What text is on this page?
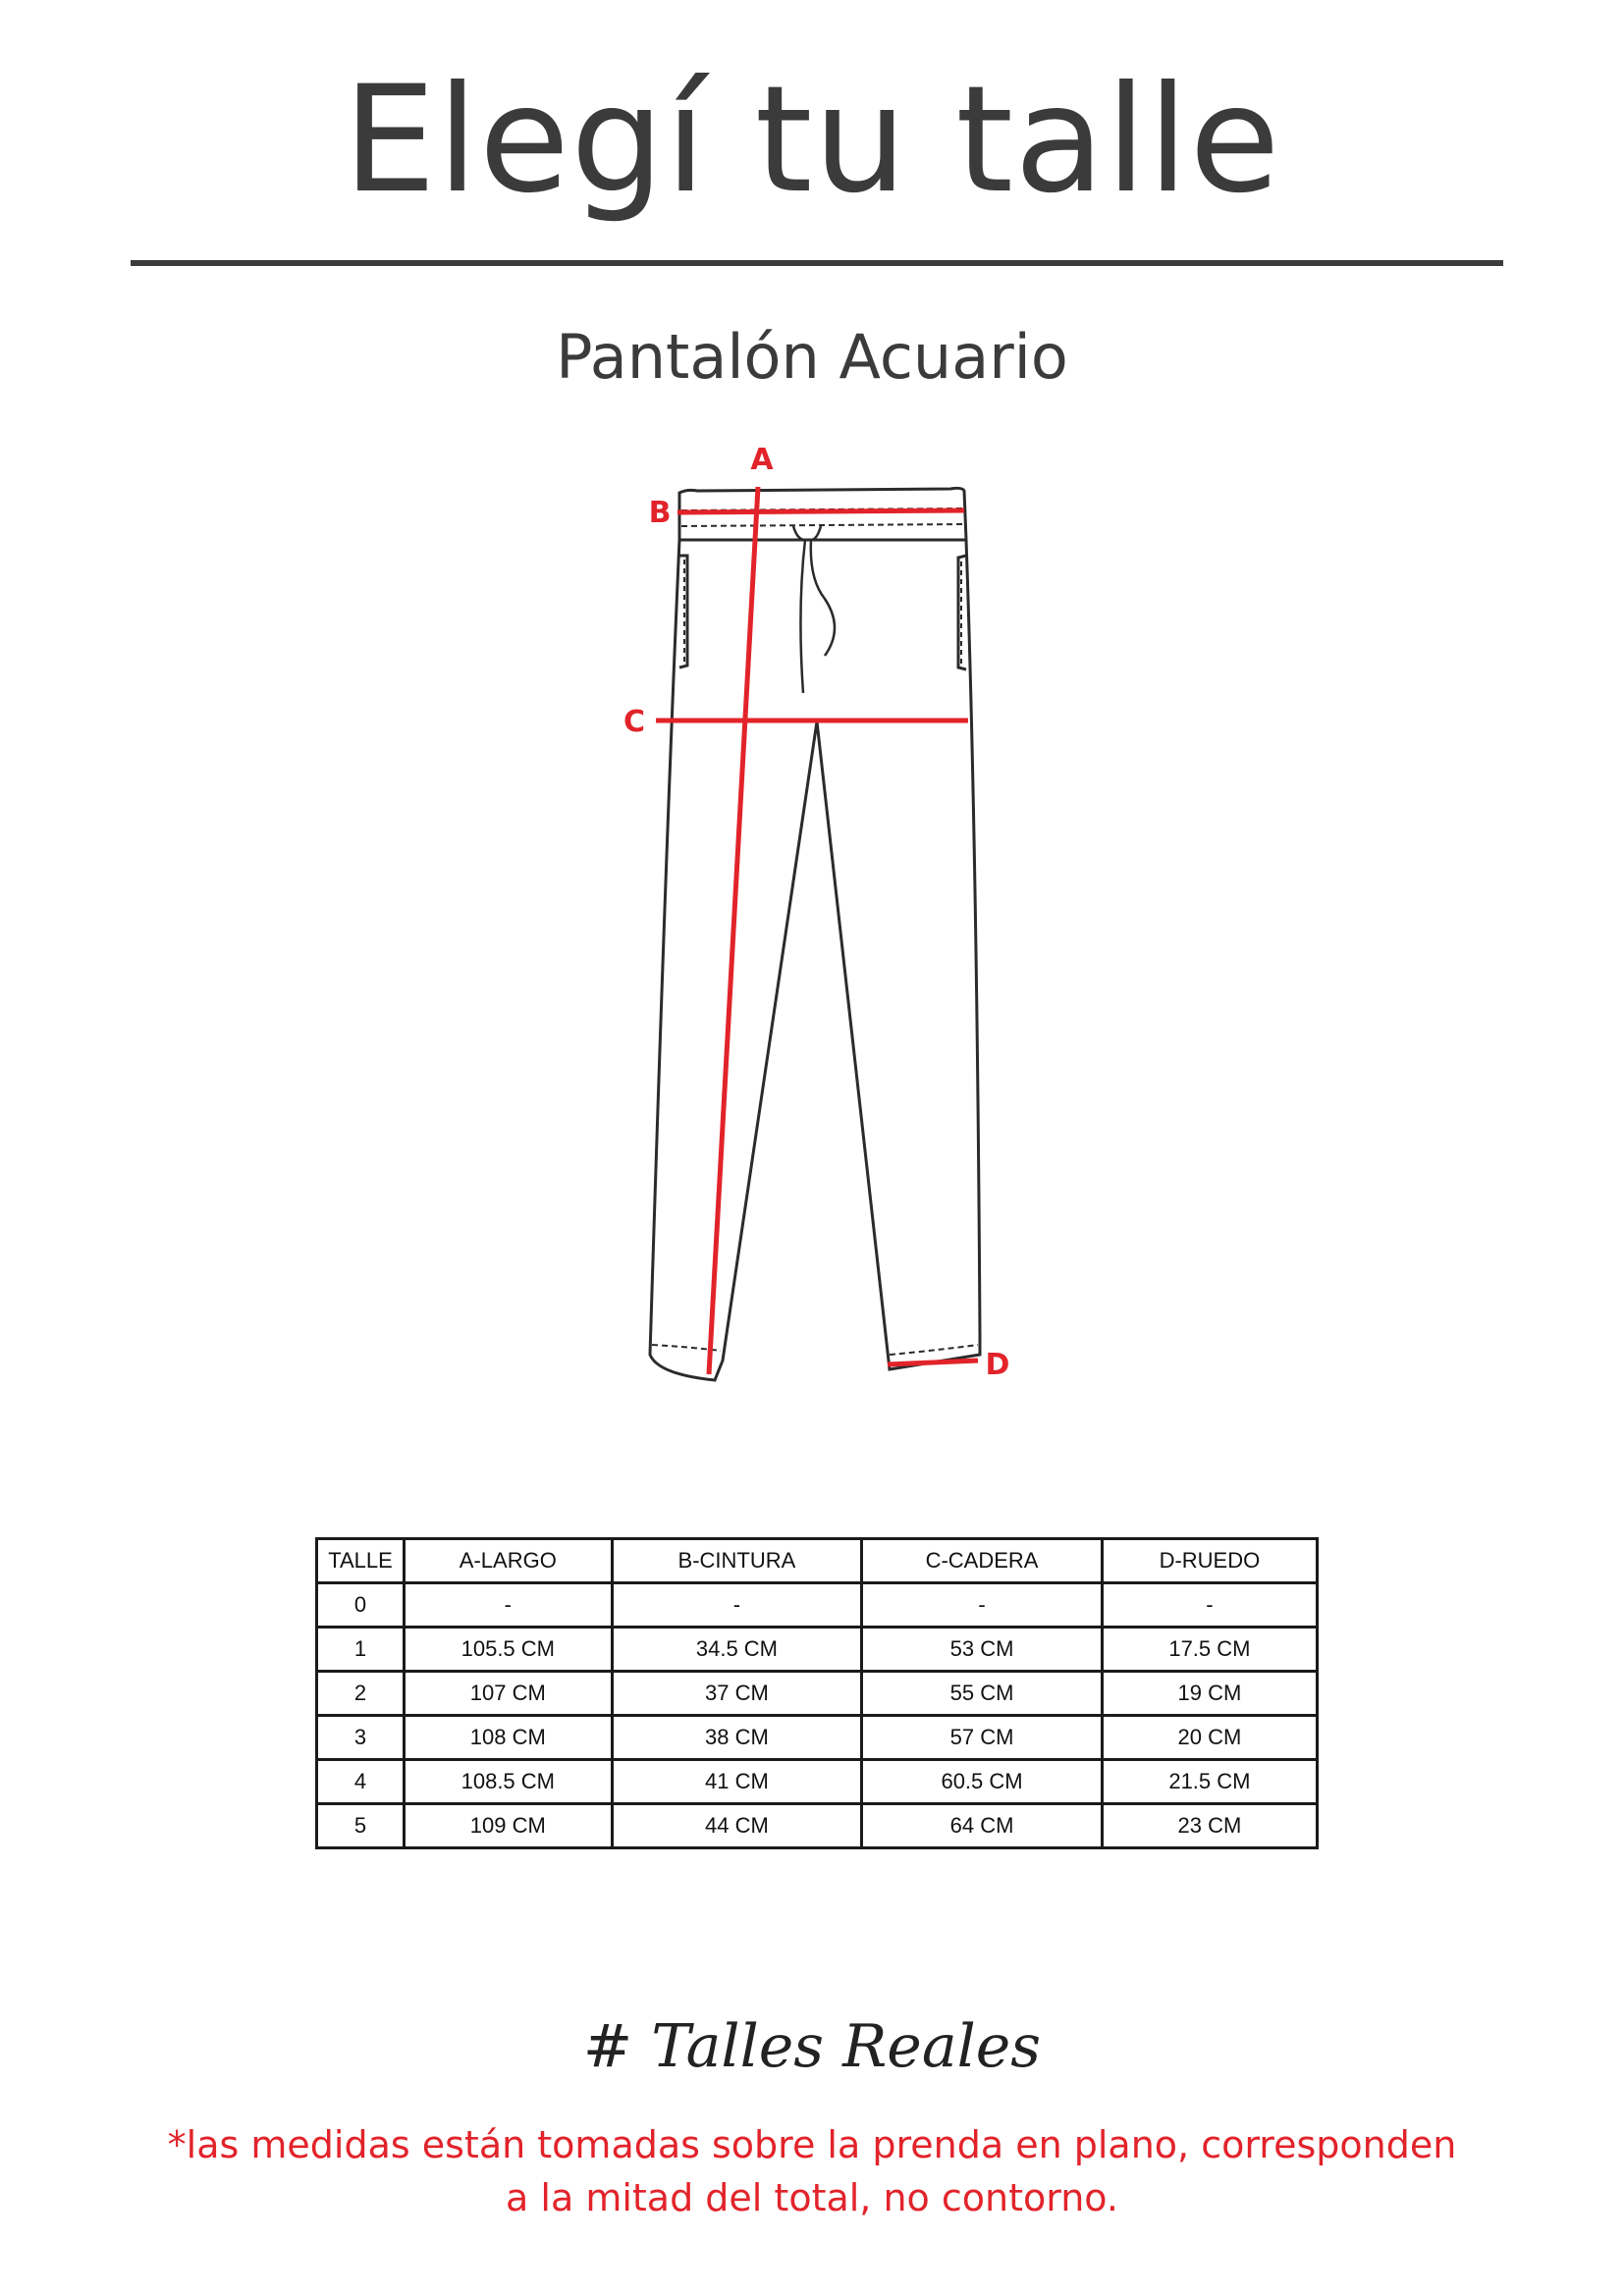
Elegí tu talle
Pantalón Acuario
A
B
C
D
TALLE	A-LARGO	B-CINTURA	C-CADERA	D-RUEDO
0	-	-	-	-
1	105.5 CM	34.5 CM	53 CM	17.5 CM
2	107 CM	37 CM	55 CM	19 CM
3	108 CM	38 CM	57 CM	20 CM
4	108.5 CM	41 CM	60.5 CM	21.5 CM
5	109 CM	44 CM	64 CM	23 CM
# Talles Reales
*las medidas están tomadas sobre la prenda en plano, corresponden
a la mitad del total, no contorno.
